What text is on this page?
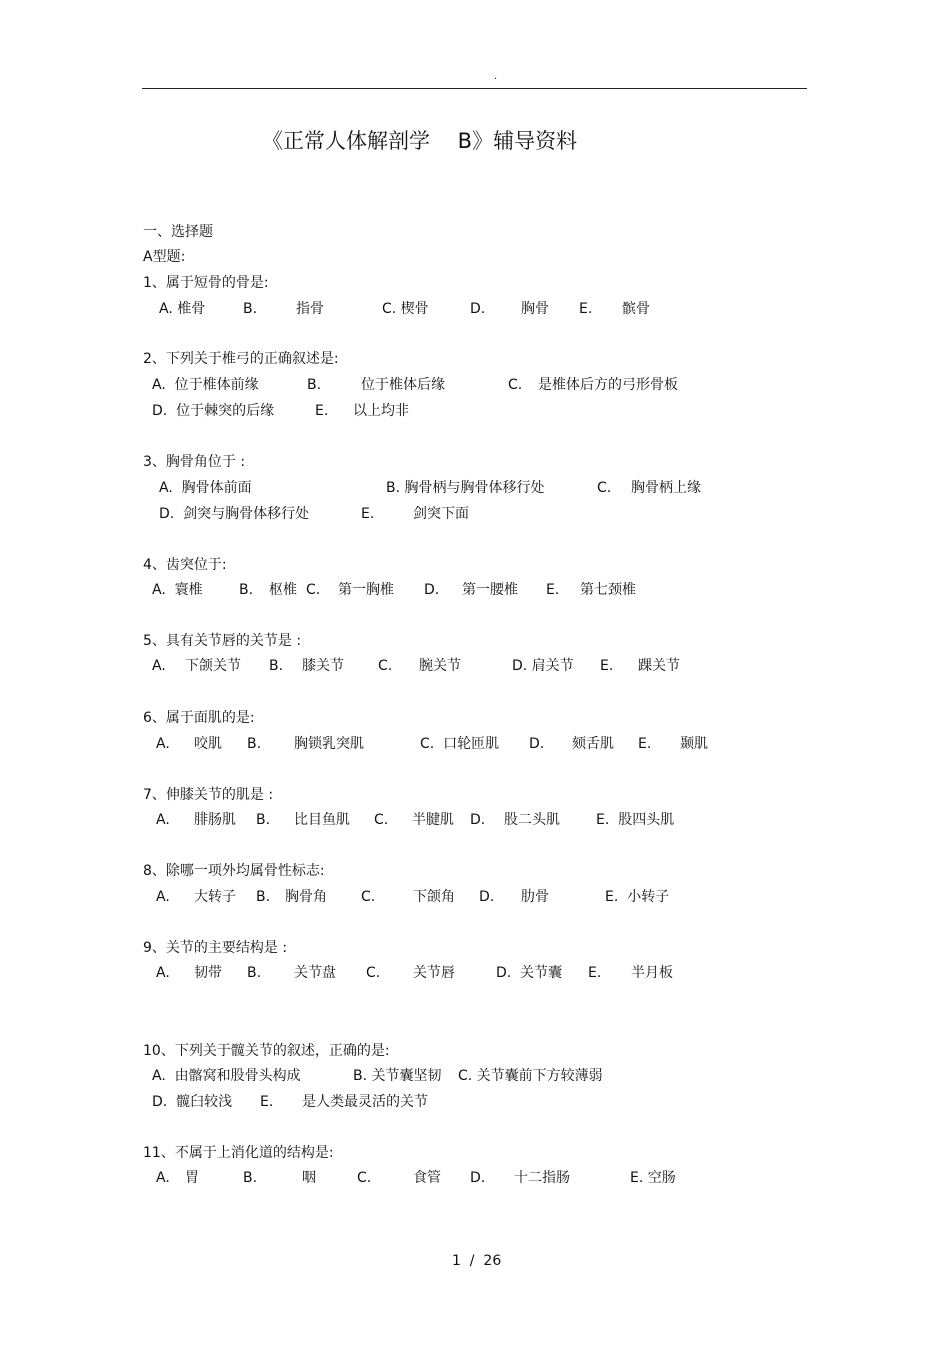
.
《正常人体解剖学　 B》辅导资料
一、选择题
A型题:
1、属于短骨的骨是:
A. 椎骨	B.	指骨	C. 楔骨	D.	胸骨 E. 髌骨
2、下列关于椎弓的正确叙述是:
A.  位于椎体前缘	B.	位于椎体后缘	C. 是椎体后方的弓形骨板
D.  位于棘突的后缘	E. 以上均非
3、胸骨角位于 :
A.  胸骨体前面	B. 胸骨柄与胸骨体移行处	C. 胸骨柄上缘
D.  剑突与胸骨体移行处	E.	剑突下面
4、齿突位于:
A.  寰椎	B. 枢椎 C. 第一胸椎 D. 第一腰椎 E. 第七颈椎
5、具有关节唇的关节是 :
A. 下颌关节 B. 膝关节 C. 腕关节	D. 肩关节 E. 踝关节
6、属于面肌的是:
A. 咬肌 B. 胸锁乳突肌	C.  口轮匝肌 D. 颏舌肌 E. 颞肌
7、伸膝关节的肌是 :
A. 腓肠肌 B. 比目鱼肌 C. 半腱肌 D. 股二头肌	E.  股四头肌
8、除哪一项外均属骨性标志:
A. 大转子 B. 胸骨角 C.	下颌角 D. 肋骨	E.  小转子
9、关节的主要结构是 :
A. 韧带 B. 关节盘 C. 关节唇	D.  关节囊 E. 半月板
10、下列关于髋关节的叙述，正确的是:
A.  由髂窝和股骨头构成	B. 关节囊坚韧 C. 关节囊前下方较薄弱
D.  髋臼较浅 E. 是人类最灵活的关节
11、不属于上消化道的结构是:
A. 胃	B.	咽	C.	食管 D. 十二指肠	E. 空肠
1  /  26
